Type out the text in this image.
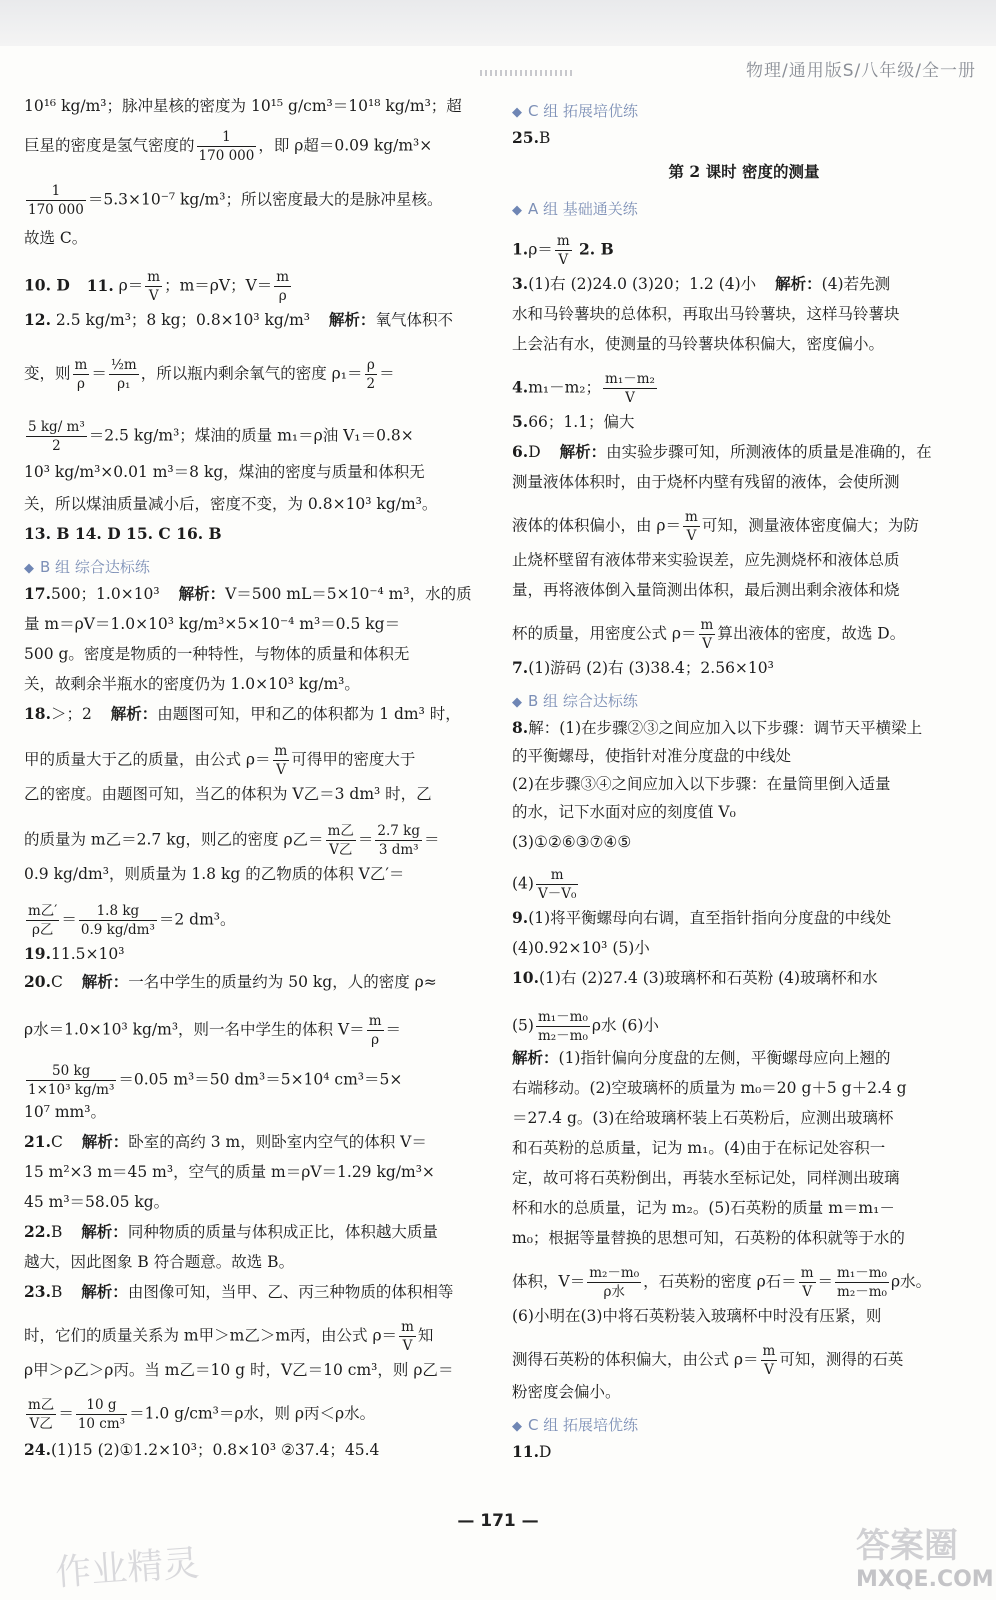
物理/通用版S/八年级/全一册
10¹⁶ kg/m³；脉冲星核的密度为 10¹⁵ g/cm³＝10¹⁸ kg/m³；超
巨星的密度是氢气密度的 $\frac{1}{170 000}$ ，即 ρ超＝0.09 kg/m³×
$\frac{1}{170 000} =5.3\times 10^{-7}$ kg/m³；所以密度最大的是脉冲星核。
故选 C。
10. D 11. $\rho= \frac{m}{V}$ ；m＝ρV；$V= \frac{m}{\rho}$
12. 2.5 kg/m³；8 kg；0.8×10³ kg/m³ 解析：氧气体积不
变，则 $\frac{m}{\rho} = \frac{\text{½m}}{\text{ρ₁}}$ ，所以瓶内剩余氧气的密度 $\rho_1= \frac{\rho}{2}$ ＝
$\frac{\text{5 kg/ m³}}{2} =2.5$ kg/m³；煤油的质量 m₁＝ρ油 V₁＝0.8×
10³ kg/m³×0.01 m³＝8 kg，煤油的密度与质量和体积无
关，所以煤油质量减小后，密度不变，为 0.8×10³ kg/m³。
13. B 14. D 15. C 16. B
◆ B 组 综合达标练
17.500；1.0×10³ 解析：V＝500 mL＝5×10⁻⁴ m³，水的质
量 m＝ρV＝1.0×10³ kg/m³×5×10⁻⁴ m³＝0.5 kg＝
500 g。密度是物质的一种特性，与物体的质量和体积无
关，故剩余半瓶水的密度仍为 1.0×10³ kg/m³。
18.＞；2 解析：由题图可知，甲和乙的体积都为 1 dm³ 时，
甲的质量大于乙的质量，由公式 $\rho= \frac{m}{V}$ 可得甲的密度大于
乙的密度。由题图可知，当乙的体积为 V乙＝3 dm³ 时，乙
的质量为 m乙＝2.7 kg，则乙的密度 ρ乙＝ $\frac{\text{m乙}}{\text{V乙}} = \frac{2.7 kg}{\text{3 dm³}}$ ＝
0.9 kg/dm³，则质量为 1.8 kg 的乙物质的体积 V乙′＝
$\frac{\text{m乙′}}{\text{ρ乙}} = \frac{1.8 kg}{\text{0.9 kg/dm³}} =2$ dm³。
19.11.5×10³
20.C 解析：一名中学生的质量约为 50 kg，人的密度 ρ≈
ρ水＝1.0×10³ kg/m³，则一名中学生的体积 $V= \frac{m}{\rho}$ ＝
$\frac{50 kg}{\text{1×10³ kg/m³}} =0.05$ m³＝50 dm³＝5×10⁴ cm³＝5×
10⁷ mm³。
21.C 解析：卧室的高约 3 m，则卧室内空气的体积 V＝
15 m²×3 m＝45 m³，空气的质量 m＝ρV＝1.29 kg/m³×
45 m³＝58.05 kg。
22.B 解析：同种物质的质量与体积成正比，体积越大质量
越大，因此图象 B 符合题意。故选 B。
23.B 解析：由图像可知，当甲、乙、丙三种物质的体积相等
时，它们的质量关系为 m甲＞m乙＞m丙，由公式 $\rho= \frac{m}{V}$ 知
ρ甲＞ρ乙＞ρ丙。当 m乙＝10 g 时，V乙＝10 cm³，则 ρ乙＝
$\frac{\text{m乙}}{\text{V乙}} = \frac{10 g}{\text{10 cm³}} =1.0$ g/cm³＝ρ水，则 ρ丙＜ρ水。
24.(1)15 (2)①1.2×10³；0.8×10³ ②37.4；45.4
◆ C 组 拓展培优练
25.B
第 2 课时 密度的测量
◆ A 组 基础通关练
$1.\rho= \frac{m}{V} 2$. B
3.(1)右 (2)24.0 (3)20；1.2 (4)小 解析：(4)若先测
水和马铃薯块的总体积，再取出马铃薯块，这样马铃薯块
上会沾有水，使测量的马铃薯块体积偏大，密度偏小。
4.m₁－m₂； $\frac{\text{m₁－m₂}}{V}$
5.66；1.1；偏大
6.D 解析：由实验步骤可知，所测液体的质量是准确的，在
测量液体体积时，由于烧杯内壁有残留的液体，会使所测
液体的体积偏小，由 $\rho= \frac{m}{V}$ 可知，测量液体密度偏大；为防
止烧杯壁留有液体带来实验误差，应先测烧杯和液体总质
量，再将液体倒入量筒测出体积，最后测出剩余液体和烧
杯的质量，用密度公式 $\rho= \frac{m}{V}$ 算出液体的密度，故选 D。
7.(1)游码 (2)右 (3)38.4；2.56×10³
◆ B 组 综合达标练
8.解：(1)在步骤②③之间应加入以下步骤：调节天平横梁上
的平衡螺母，使指针对准分度盘的中线处
(2)在步骤③④之间应加入以下步骤：在量筒里倒入适量
的水，记下水面对应的刻度值 V₀
(3)①②⑥③⑦④⑤
$(4) \frac{m}{\text{V－V₀}}$
9.(1)将平衡螺母向右调，直至指针指向分度盘的中线处
(4)0.92×10³ (5)小
10.(1)右 (2)27.4 (3)玻璃杯和石英粉 (4)玻璃杯和水
$(5) \frac{\text{m₁－m₀}}{\text{m₂－m₀}}$ ρ水 (6)小
解析：(1)指针偏向分度盘的左侧，平衡螺母应向上翘的
右端移动。(2)空玻璃杯的质量为 m₀＝20 g＋5 g＋2.4 g
＝27.4 g。(3)在给玻璃杯装上石英粉后，应测出玻璃杯
和石英粉的总质量，记为 m₁。(4)由于在标记处容积一
定，故可将石英粉倒出，再装水至标记处，同样测出玻璃
杯和水的总质量，记为 m₂。(5)石英粉的质量 m＝m₁－
m₀；根据等量替换的思想可知，石英粉的体积就等于水的
体积，$V= \frac{\text{m₂－m₀}}{\text{ρ水}}$ ，石英粉的密度 ρ石＝ $\frac{m}{V} = \frac{\text{m₁－m₀}}{\text{m₂－m₀}}$ ρ水。
(6)小明在(3)中将石英粉装入玻璃杯中时没有压紧，则
测得石英粉的体积偏大，由公式 $\rho= \frac{m}{V}$ 可知，测得的石英
粉密度会偏小。
◆ C 组 拓展培优练
11.D
— 171 —
作业精灵	答案圈
MXQE.COM
